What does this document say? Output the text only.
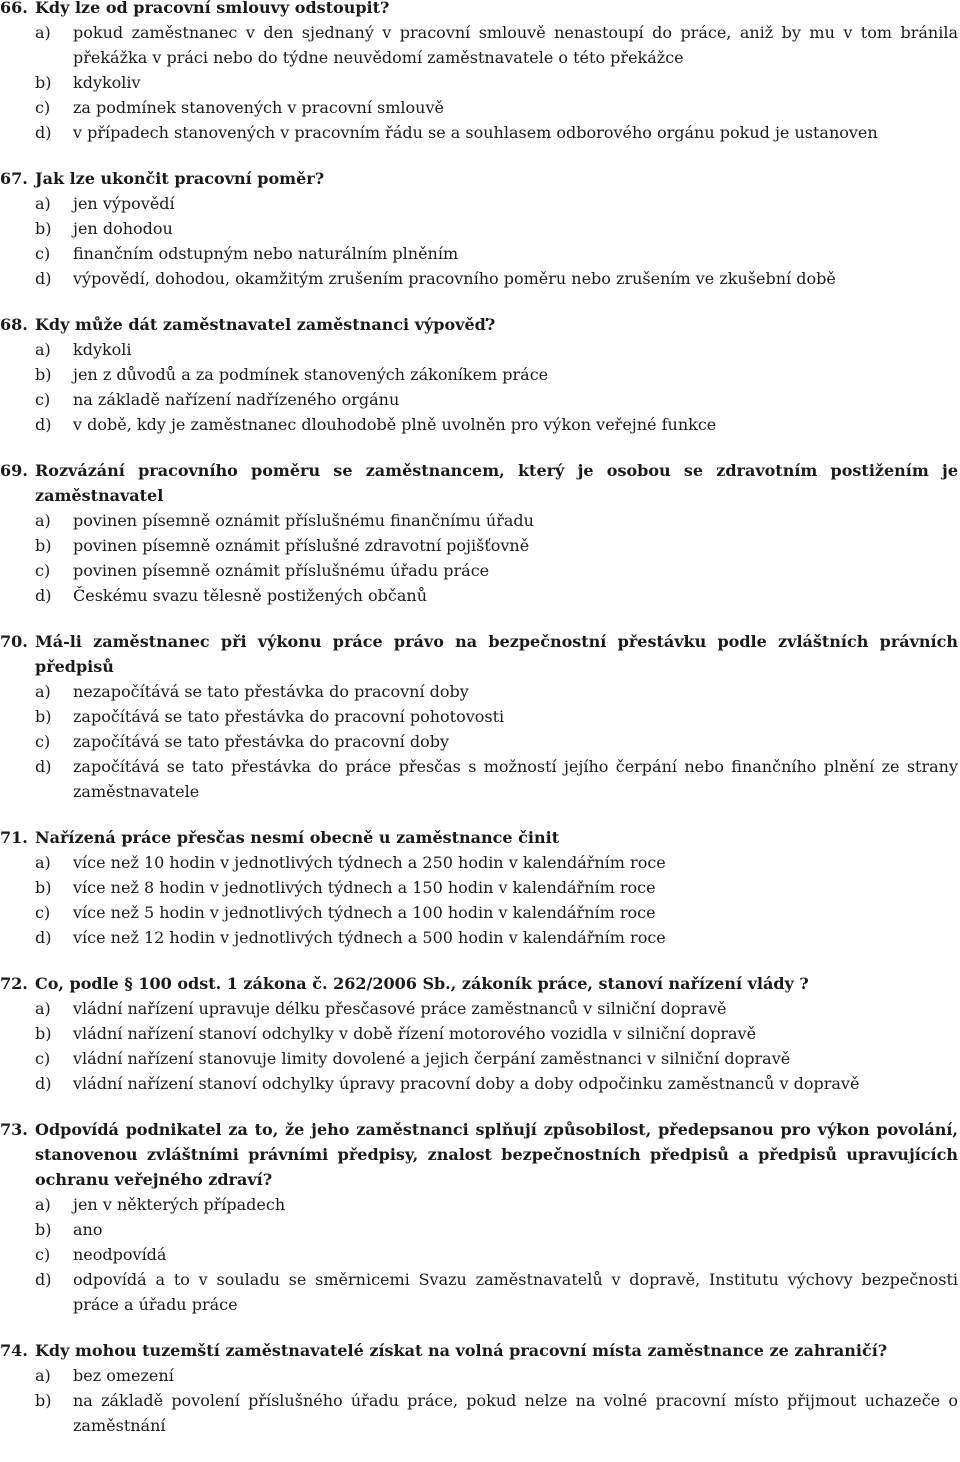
66. Kdy lze od pracovní smlouvy odstoupit?
a)	pokud zaměstnanec v den sjednaný v pracovní smlouvě nenastoupí do práce, aniž by mu v tom bránila překážka v práci nebo do týdne neuvědomí zaměstnavatele o této překážce
b)	kdykoliv
c)	za podmínek stanovených v pracovní smlouvě
d)	v případech stanovených v pracovním řádu se a souhlasem odborového orgánu pokud je ustanoven
67. Jak lze ukončit pracovní poměr?
a)	jen výpovědí
b)	jen dohodou
c)	finančním odstupným nebo naturálním plněním
d)	výpovědí, dohodou, okamžitým zrušením pracovního poměru nebo zrušením ve zkušební době
68. Kdy může dát zaměstnavatel zaměstnanci výpověď?
a)	kdykoli
b)	jen z důvodů a za podmínek stanovených zákoníkem práce
c)	na základě nařízení nadřízeného orgánu
d)	v době, kdy je zaměstnanec dlouhodobě plně uvolněn pro výkon veřejné funkce
69. Rozvázání pracovního poměru se zaměstnancem, který je osobou se zdravotním postižením je zaměstnavatel
a)	povinen písemně oznámit příslušnému finančnímu úřadu
b)	povinen písemně oznámit příslušné zdravotní pojišťovně
c)	povinen písemně oznámit příslušnému úřadu práce
d)	Českému svazu tělesně postižených občanů
70. Má-li zaměstnanec při výkonu práce právo na bezpečnostní přestávku podle zvláštních právních předpisů
a)	nezapočítává se tato přestávka do pracovní doby
b)	započítává se tato přestávka do pracovní pohotovosti
c)	započítává se tato přestávka do pracovní doby
d)	započítává se tato přestávka do práce přesčas s možností jejího čerpání nebo finančního plnění ze strany zaměstnavatele
71. Nařízená práce přesčas nesmí obecně u zaměstnance činit
a)	více než 10 hodin v jednotlivých týdnech a 250 hodin v kalendářním roce
b)	více než 8 hodin v jednotlivých týdnech a 150 hodin v kalendářním roce
c)	více než 5 hodin v jednotlivých týdnech a 100 hodin v kalendářním roce
d)	více než 12 hodin v jednotlivých týdnech a 500 hodin v kalendářním roce
72. Co, podle § 100 odst. 1 zákona č. 262/2006 Sb., zákoník práce, stanoví nařízení vlády ?
a)	vládní nařízení upravuje délku přesčasové práce zaměstnanců v silniční dopravě
b)	vládní nařízení stanoví odchylky v době řízení motorového vozidla v silniční dopravě
c)	vládní nařízení stanovuje limity dovolené a jejich čerpání zaměstnanci v silniční dopravě
d)	vládní nařízení stanoví odchylky úpravy pracovní doby a doby odpočinku zaměstnanců v dopravě
73. Odpovídá podnikatel za to, že jeho zaměstnanci splňují způsobilost, předepsanou pro výkon povolání, stanovenou zvláštními právními předpisy, znalost bezpečnostních předpisů a předpisů upravujících ochranu veřejného zdraví?
a)	jen v některých případech
b)	ano
c)	neodpovídá
d)	odpovídá a to v souladu se směrnicemi Svazu zaměstnavatelů v dopravě, Institutu výchovy bezpečnosti práce a úřadu práce
74. Kdy mohou tuzemští zaměstnavatelé získat na volná pracovní místa zaměstnance ze zahraničí?
a)	bez omezení
b)	na základě povolení příslušného úřadu práce, pokud nelze na volné pracovní místo přijmout uchazeče o zaměstnání
